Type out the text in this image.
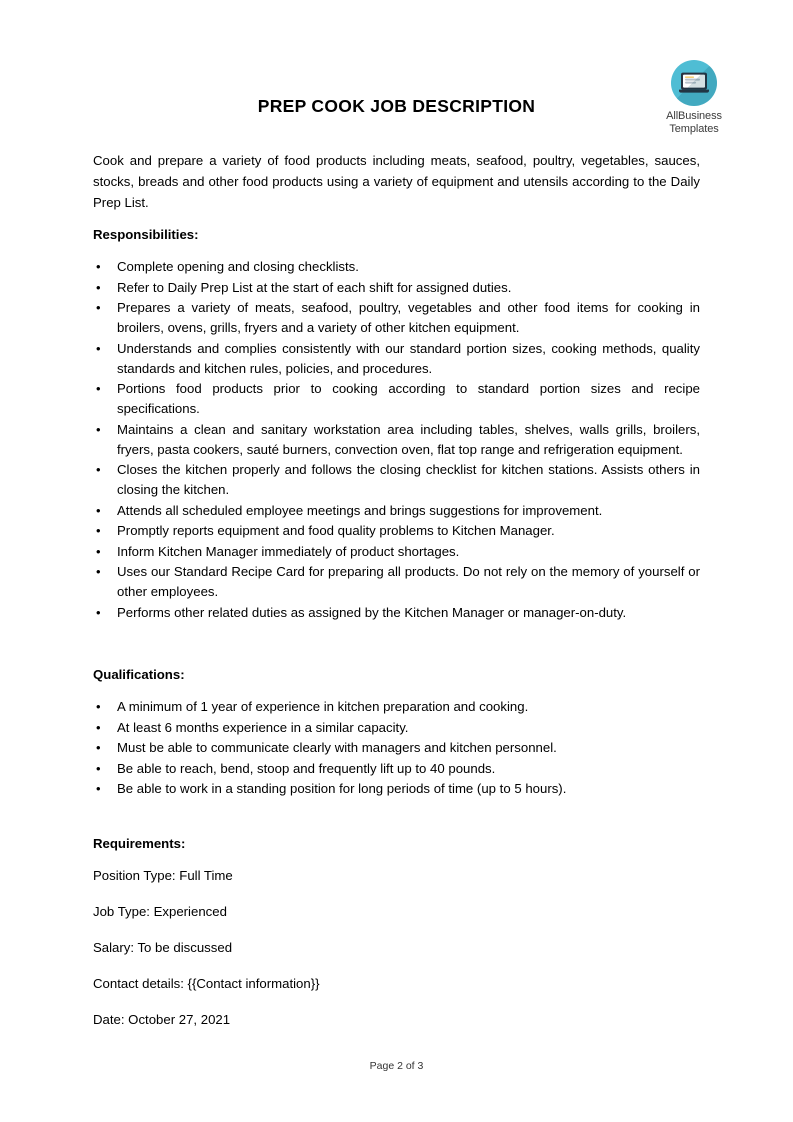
AllBusiness
Templates
PREP COOK JOB DESCRIPTION

Cook and prepare a variety of food products including meats, seafood, poultry, vegetables, sauces, stocks, breads and other food products using a variety of equipment and utensils according to the Daily Prep List.

Responsibilities:
• Complete opening and closing checklists.
• Refer to Daily Prep List at the start of each shift for assigned duties.
• Prepares a variety of meats, seafood, poultry, vegetables and other food items for cooking in broilers, ovens, grills, fryers and a variety of other kitchen equipment.
• Understands and complies consistently with our standard portion sizes, cooking methods, quality standards and kitchen rules, policies, and procedures.
• Portions food products prior to cooking according to standard portion sizes and recipe specifications.
• Maintains a clean and sanitary workstation area including tables, shelves, walls grills, broilers, fryers, pasta cookers, sauté burners, convection oven, flat top range and refrigeration equipment.
• Closes the kitchen properly and follows the closing checklist for kitchen stations. Assists others in closing the kitchen.
• Attends all scheduled employee meetings and brings suggestions for improvement.
• Promptly reports equipment and food quality problems to Kitchen Manager.
• Inform Kitchen Manager immediately of product shortages.
• Uses our Standard Recipe Card for preparing all products. Do not rely on the memory of yourself or other employees.
• Performs other related duties as assigned by the Kitchen Manager or manager-on-duty.
Qualifications:
• A minimum of 1 year of experience in kitchen preparation and cooking.
• At least 6 months experience in a similar capacity.
• Must be able to communicate clearly with managers and kitchen personnel.
• Be able to reach, bend, stoop and frequently lift up to 40 pounds.
• Be able to work in a standing position for long periods of time (up to 5 hours).
Requirements:

Position Type: Full Time

Job Type: Experienced

Salary: To be discussed

Contact details: {{Contact information}}

Date: October 27, 2021

Page 2 of 3
